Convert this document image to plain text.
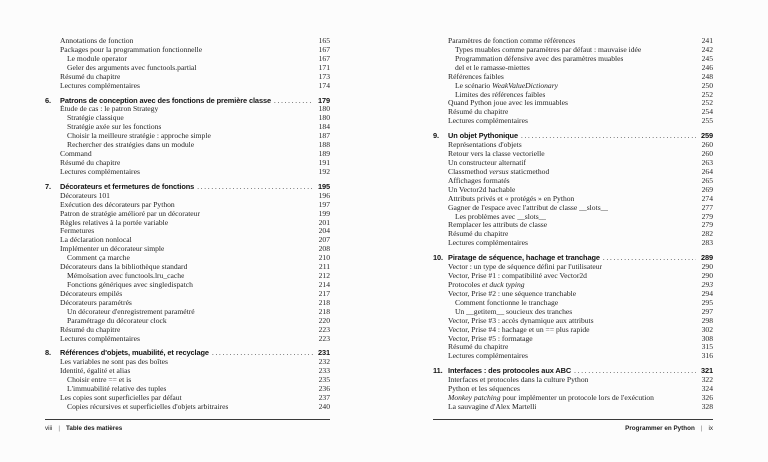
Annotations de fonction	165
Packages pour la programmation fonctionnelle	167
Le module operator	167
Geler des arguments avec functools.partial	171
Résumé du chapitre	173
Lectures complémentaires	174
6.	Patrons de conception avec des fonctions de première classe .....	179
Étude de cas : le patron Strategy	180
Stratégie classique	180
Stratégie axée sur les fonctions	184
Choisir la meilleure stratégie : approche simple	187
Rechercher des stratégies dans un module	188
Command	189
Résumé du chapitre	191
Lectures complémentaires	192
7.	Décorateurs et fermetures de fonctions .....	195
Décorateurs 101	196
Exécution des décorateurs par Python	197
Patron de stratégie amélioré par un décorateur	199
Règles relatives à la portée variable	201
Fermetures	204
La déclaration nonlocal	207
Implémenter un décorateur simple	208
Comment ça marche	210
Décorateurs dans la bibliothèque standard	211
Mémoïsation avec functools.lru_cache	212
Fonctions génériques avec singledispatch	214
Décorateurs empilés	217
Décorateurs paramétrés	218
Un décorateur d'enregistrement paramétré	218
Paramétrage du décorateur clock	220
Résumé du chapitre	223
Lectures complémentaires	223
8.	Références d'objets, muabilité, et recyclage .....	231
Les variables ne sont pas des boîtes	232
Identité, égalité et alias	233
Choisir entre == et is	235
L'immuabilité relative des tuples	236
Les copies sont superficielles par défaut	237
Copies récursives et superficielles d'objets arbitraires	240
Paramètres de fonction comme références	241
Types muables comme paramètres par défaut : mauvaise idée	242
Programmation défensive avec des paramètres muables	245
del et le ramasse-miettes	246
Références faibles	248
Le scénario WeakValueDictionary	250
Limites des références faibles	252
Quand Python joue avec les immuables	252
Résumé du chapitre	254
Lectures complémentaires	255
9.	Un objet Pythonique .....	259
Représentations d'objets	260
Retour vers la classe vectorielle	260
Un constructeur alternatif	263
Classmethod versus staticmethod	264
Affichages formatés	265
Un Vector2d hachable	269
Attributs privés et « protégés » en Python	274
Gagner de l'espace avec l'attribut de classe __slots__	277
Les problèmes avec __slots__	279
Remplacer les attributs de classe	279
Résumé du chapitre	282
Lectures complémentaires	283
10. Piratage de séquence, hachage et tranchage .....	289
Vector : un type de séquence défini par l'utilisateur	290
Vector, Prise #1 : compatibilité avec Vector2d	290
Protocoles et duck typing	293
Vector, Prise #2 : une séquence tranchable	294
Comment fonctionne le tranchage	295
Un __getitem__ soucieux des tranches	297
Vector, Prise #3 : accès dynamique aux attributs	298
Vector, Prise #4 : hachage et un == plus rapide	302
Vector, Prise #5 : formatage	308
Résumé du chapitre	315
Lectures complémentaires	316
11. Interfaces : des protocoles aux ABC .....	321
Interfaces et protocoles dans la culture Python	322
Python et les séquences	324
Monkey patching pour implémenter un protocole lors de l'exécution	326
La sauvagine d'Alex Martelli	328
viii | Table des matières	Programmer en Python | ix
